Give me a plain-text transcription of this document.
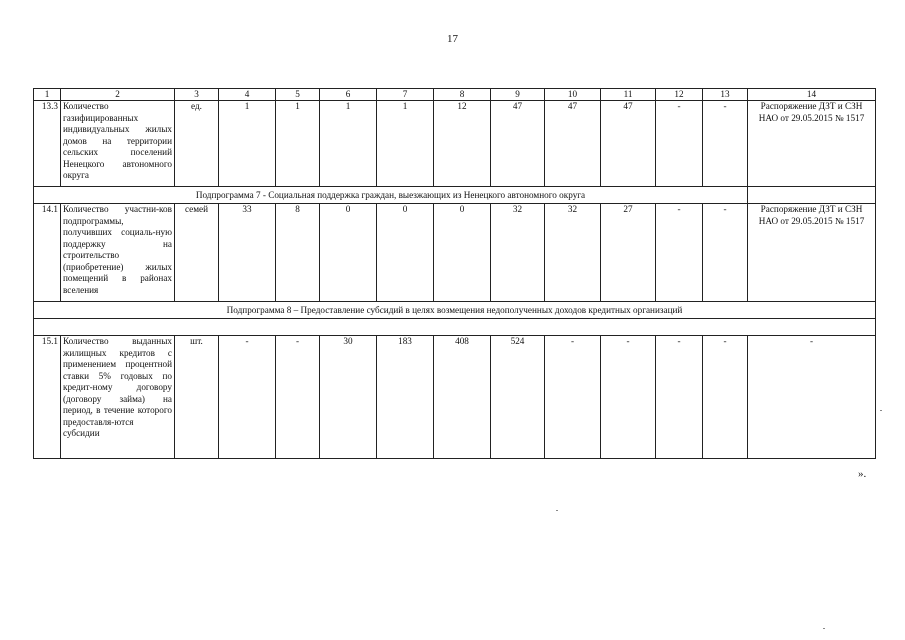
17
1	2	3	4	5	6	7	8	9	10	11	12	13	14
13.3	Количество газифицированных индивидуальных жилых домов на территории сельских поселений Ненецкого автономного округа	ед.	1	1	1	1	12	47	47	47	-	-	Распоряжение ДЗТ и СЗН НАО от 29.05.2015 № 1517
Подпрограмма 7 - Социальная поддержка граждан, выезжающих из Ненецкого автономного округа													
14.1	Количество участни-ков подпрограммы, получивших социаль-ную поддержку на строительство (приобретение) жилых помещений в районах вселения	семей	33	8	0	0	0	32	32	27	-	-	Распоряжение ДЗТ и СЗН НАО от 29.05.2015 № 1517
Подпрограмма 8 – Предоставление субсидий в целях возмещения недополученных доходов кредитных организаций													

15.1	Количество выданных жилищных кредитов с применением процентной ставки 5% годовых по кредит-ному договору (договору займа) на период, в течение которого предоставля-ются субсидии	шт.	-	-	30	183	408	524	-	-	-	-	-
».
